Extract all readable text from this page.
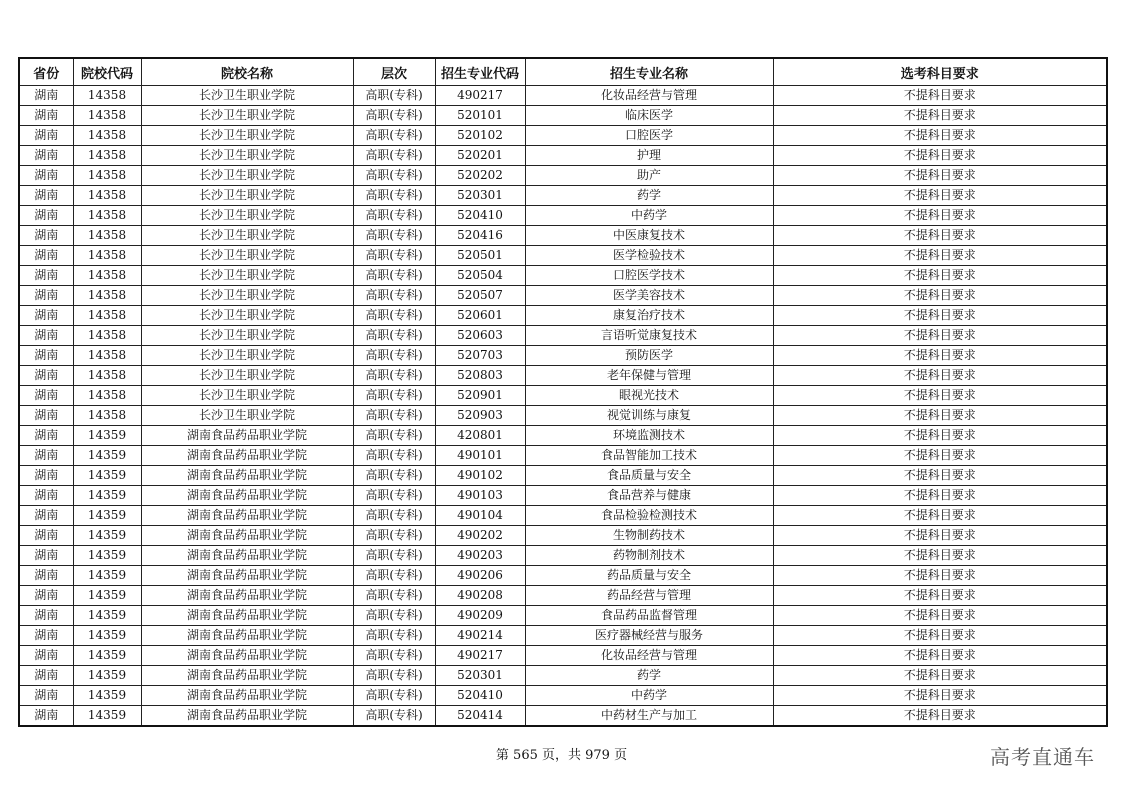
省份	院校代码	院校名称	层次	招生专业代码	招生专业名称	选考科目要求
湖南	14358	长沙卫生职业学院	高职(专科)	490217	化妆品经营与管理	不提科目要求
湖南	14358	长沙卫生职业学院	高职(专科)	520101	临床医学	不提科目要求
湖南	14358	长沙卫生职业学院	高职(专科)	520102	口腔医学	不提科目要求
湖南	14358	长沙卫生职业学院	高职(专科)	520201	护理	不提科目要求
湖南	14358	长沙卫生职业学院	高职(专科)	520202	助产	不提科目要求
湖南	14358	长沙卫生职业学院	高职(专科)	520301	药学	不提科目要求
湖南	14358	长沙卫生职业学院	高职(专科)	520410	中药学	不提科目要求
湖南	14358	长沙卫生职业学院	高职(专科)	520416	中医康复技术	不提科目要求
湖南	14358	长沙卫生职业学院	高职(专科)	520501	医学检验技术	不提科目要求
湖南	14358	长沙卫生职业学院	高职(专科)	520504	口腔医学技术	不提科目要求
湖南	14358	长沙卫生职业学院	高职(专科)	520507	医学美容技术	不提科目要求
湖南	14358	长沙卫生职业学院	高职(专科)	520601	康复治疗技术	不提科目要求
湖南	14358	长沙卫生职业学院	高职(专科)	520603	言语听觉康复技术	不提科目要求
湖南	14358	长沙卫生职业学院	高职(专科)	520703	预防医学	不提科目要求
湖南	14358	长沙卫生职业学院	高职(专科)	520803	老年保健与管理	不提科目要求
湖南	14358	长沙卫生职业学院	高职(专科)	520901	眼视光技术	不提科目要求
湖南	14358	长沙卫生职业学院	高职(专科)	520903	视觉训练与康复	不提科目要求
湖南	14359	湖南食品药品职业学院	高职(专科)	420801	环境监测技术	不提科目要求
湖南	14359	湖南食品药品职业学院	高职(专科)	490101	食品智能加工技术	不提科目要求
湖南	14359	湖南食品药品职业学院	高职(专科)	490102	食品质量与安全	不提科目要求
湖南	14359	湖南食品药品职业学院	高职(专科)	490103	食品营养与健康	不提科目要求
湖南	14359	湖南食品药品职业学院	高职(专科)	490104	食品检验检测技术	不提科目要求
湖南	14359	湖南食品药品职业学院	高职(专科)	490202	生物制药技术	不提科目要求
湖南	14359	湖南食品药品职业学院	高职(专科)	490203	药物制剂技术	不提科目要求
湖南	14359	湖南食品药品职业学院	高职(专科)	490206	药品质量与安全	不提科目要求
湖南	14359	湖南食品药品职业学院	高职(专科)	490208	药品经营与管理	不提科目要求
湖南	14359	湖南食品药品职业学院	高职(专科)	490209	食品药品监督管理	不提科目要求
湖南	14359	湖南食品药品职业学院	高职(专科)	490214	医疗器械经营与服务	不提科目要求
湖南	14359	湖南食品药品职业学院	高职(专科)	490217	化妆品经营与管理	不提科目要求
湖南	14359	湖南食品药品职业学院	高职(专科)	520301	药学	不提科目要求
湖南	14359	湖南食品药品职业学院	高职(专科)	520410	中药学	不提科目要求
湖南	14359	湖南食品药品职业学院	高职(专科)	520414	中药材生产与加工	不提科目要求
第 565 页，共 979 页	高考直通车
